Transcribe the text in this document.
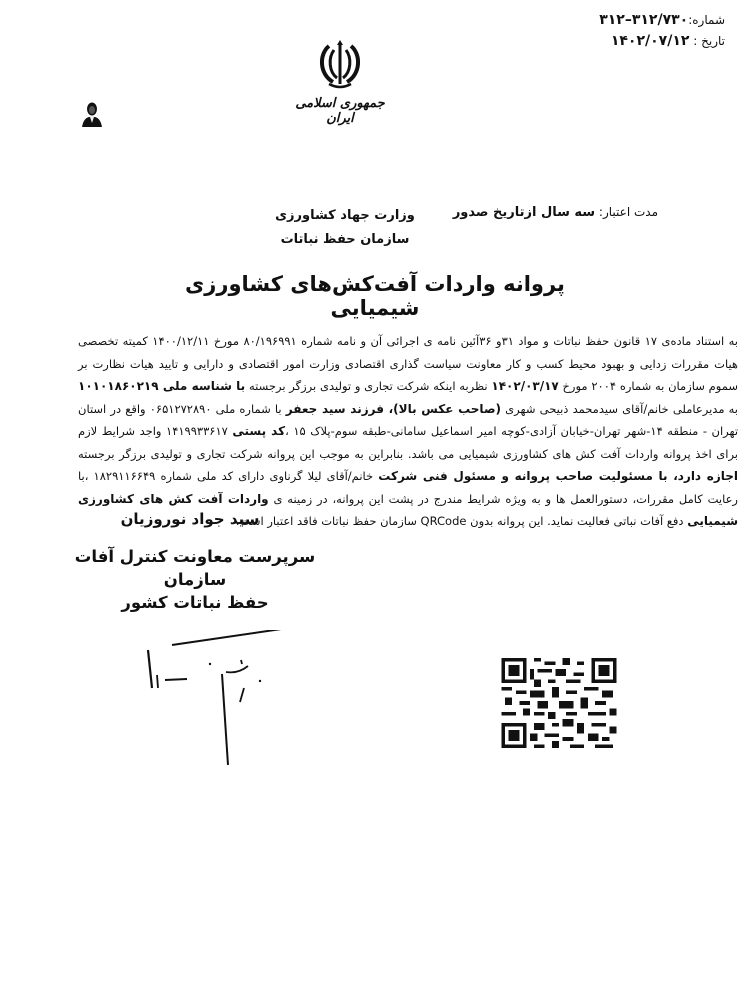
شماره:۳۱۲/۷۳۰–۳۱۲
تاریخ : ۱۴۰۲/۰۷/۱۲
جمهوری اسلامی ایران
مدت اعتبار: سه سال ازتاریخ صدور
وزارت جهاد کشاورزی
سازمان حفظ نباتات
پروانه واردات آفت‌کش‌های کشاورزی شیمیایی
به استناد ماده‌ی ۱۷ قانون حفظ نباتات و مواد ۳۱و ۳۶آئین نامه ی اجرائی آن و نامه شماره ۸۰/۱۹۶۹۹۱ مورخ ۱۴۰۰/۱۲/۱۱ کمیته تخصصی هیات مقررات زدایی و بهبود محیط کسب و کار معاونت سیاست گذاری اقتصادی وزارت امور اقتصادی و دارایی و تایید هیات نظارت بر سموم سازمان به شماره ۲۰۰۴ مورخ ۱۴۰۲/۰۳/۱۷ نظربه اینکه شرکت تجاری و تولیدی برزگر برجسته با شناسه ملی ۱۰۱۰۱۸۶۰۲۱۹ به مدیرعاملی خانم/آقای سیدمحمد ذبیحی شهری (صاحب عکس بالا)، فرزند سید جعفر با شماره ملی ۰۶۵۱۲۷۲۸۹۰ واقع در استان تهران - منطقه ۱۴-شهر تهران-خیابان آزادی-کوچه امیر اسماعیل سامانی-طبقه سوم-پلاک ۱۵ ،کد پستی ۱۴۱۹۹۳۳۶۱۷ واجد شرایط لازم برای اخذ پروانه واردات آفت کش های کشاورزی شیمیایی می باشد. بنابراین به موجب این پروانه شرکت تجاری و تولیدی برزگر برجسته اجازه دارد، با مسئولیت صاحب پروانه و مسئول فنی شرکت خانم/آقای لیلا گرناوی دارای کد ملی شماره ۱۸۲۹۱۱۶۶۴۹ ،با رعایت کامل مقررات، دستورالعمل ها و به ویژه شرایط مندرج در پشت این پروانه، در زمینه ی واردات آفت کش های کشاورزی شیمیایی دفع آفات نباتی فعالیت نماید. این پروانه بدون QRCode سازمان حفظ نباتات فاقد اعتبار است.
سید جواد نوروزیان
سرپرست معاونت کنترل آفات سازمان
حفظ نباتات کشور
